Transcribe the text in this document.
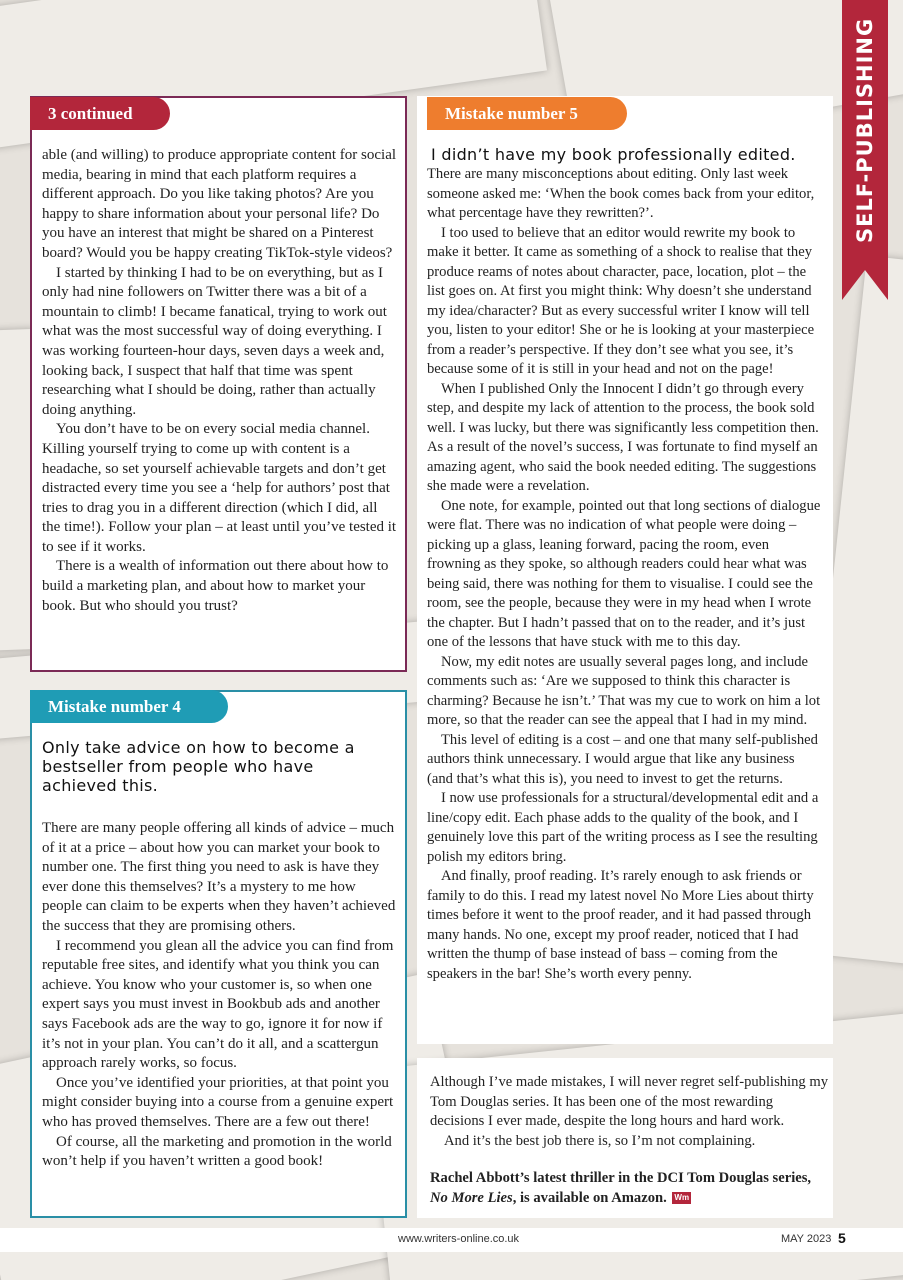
SELF-PUBLISHING
3 continued

able (and willing) to produce appropriate content for social media, bearing in mind that each platform requires a different approach. Do you like taking photos? Are you happy to share information about your personal life? Do you have an interest that might be shared on a Pinterest board? Would you be happy creating TikTok-style videos?

I started by thinking I had to be on everything, but as I only had nine followers on Twitter there was a bit of a mountain to climb! I became fanatical, trying to work out what was the most successful way of doing everything. I was working fourteen-hour days, seven days a week and, looking back, I suspect that half that time was spent researching what I should be doing, rather than actually doing anything.

You don’t have to be on every social media channel. Killing yourself trying to come up with content is a headache, so set yourself achievable targets and don’t get distracted every time you see a ‘help for authors’ post that tries to drag you in a different direction (which I did, all the time!). Follow your plan – at least until you’ve tested it to see if it works.

There is a wealth of information out there about how to build a marketing plan, and about how to market your book. But who should you trust?

Mistake number 4
Only take advice on how to become a bestseller from people who have achieved this.

There are many people offering all kinds of advice – much of it at a price – about how you can market your book to number one. The first thing you need to ask is have they ever done this themselves? It’s a mystery to me how people can claim to be experts when they haven’t achieved the success that they are promising others.

I recommend you glean all the advice you can find from reputable free sites, and identify what you think you can achieve. You know who your customer is, so when one expert says you must invest in Bookbub ads and another says Facebook ads are the way to go, ignore it for now if it’s not in your plan. You can’t do it all, and a scattergun approach rarely works, so focus.

Once you’ve identified your priorities, at that point you might consider buying into a course from a genuine expert who has proved themselves. There are a few out there!

Of course, all the marketing and promotion in the world won’t help if you haven’t written a good book!

Mistake number 5
I didn’t have my book professionally edited.

There are many misconceptions about editing. Only last week someone asked me: ‘When the book comes back from your editor, what percentage have they rewritten?’.

I too used to believe that an editor would rewrite my book to make it better. It came as something of a shock to realise that they produce reams of notes about character, pace, location, plot – the list goes on. At first you might think: Why doesn’t she understand my idea/character? But as every successful writer I know will tell you, listen to your editor! She or he is looking at your masterpiece from a reader’s perspective. If they don’t see what you see, it’s because some of it is still in your head and not on the page!

When I published Only the Innocent I didn’t go through every step, and despite my lack of attention to the process, the book sold well. I was lucky, but there was significantly less competition then. As a result of the novel’s success, I was fortunate to find myself an amazing agent, who said the book needed editing. The suggestions she made were a revelation.

One note, for example, pointed out that long sections of dialogue were flat. There was no indication of what people were doing – picking up a glass, leaning forward, pacing the room, even frowning as they spoke, so although readers could hear what was being said, there was nothing for them to visualise. I could see the room, see the people, because they were in my head when I wrote the chapter. But I hadn’t passed that on to the reader, and it’s just one of the lessons that have stuck with me to this day.

Now, my edit notes are usually several pages long, and include comments such as: ‘Are we supposed to think this character is charming? Because he isn’t.’ That was my cue to work on him a lot more, so that the reader can see the appeal that I had in my mind.

This level of editing is a cost – and one that many self-published authors think unnecessary. I would argue that like any business (and that’s what this is), you need to invest to get the returns.

I now use professionals for a structural/developmental edit and a line/copy edit. Each phase adds to the quality of the book, and I genuinely love this part of the writing process as I see the resulting polish my editors bring.

And finally, proof reading. It’s rarely enough to ask friends or family to do this. I read my latest novel No More Lies about thirty times before it went to the proof reader, and it had passed through many hands. No one, except my proof reader, noticed that I had written the thump of base instead of bass – coming from the speakers in the bar! She’s worth every penny.

Although I’ve made mistakes, I will never regret self-publishing my Tom Douglas series. It has been one of the most rewarding decisions I ever made, despite the long hours and hard work.

And it’s the best job there is, so I’m not complaining.

Rachel Abbott’s latest thriller in the DCI Tom Douglas series, No More Lies, is available on Amazon. Wm

www.writers-online.co.uk	MAY 2023 5
